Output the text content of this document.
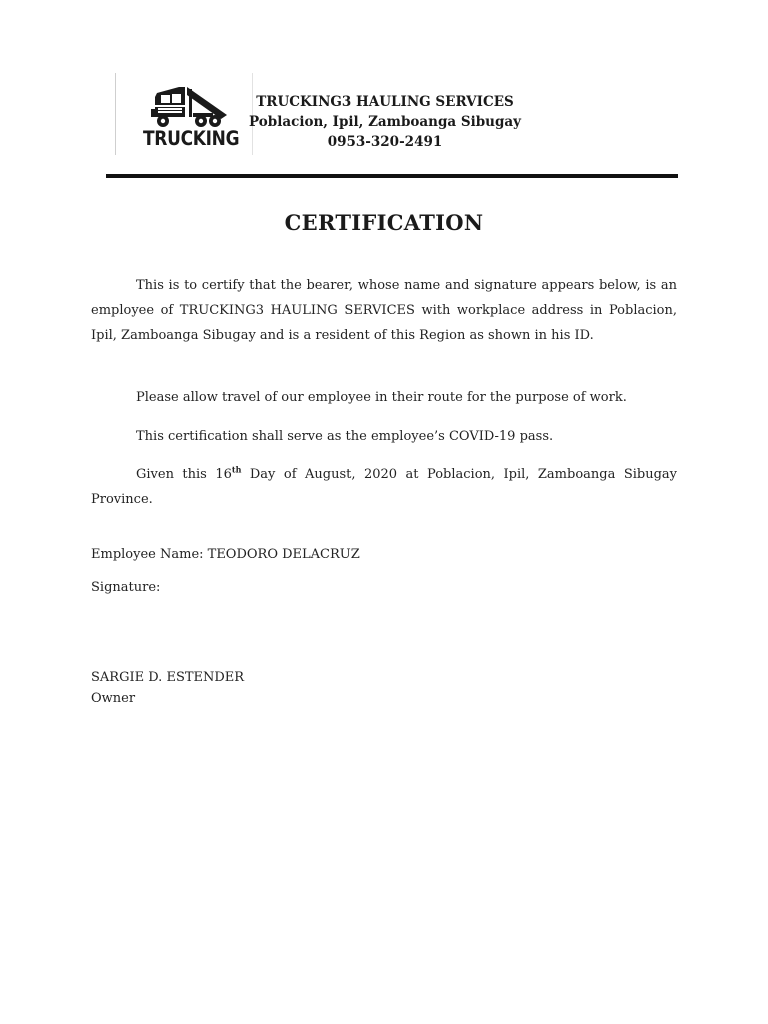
TRUCKING
TRUCKING3 HAULING SERVICES
Poblacion, Ipil, Zamboanga Sibugay
0953-320-2491
CERTIFICATION
This is to certify that the bearer, whose name and signature appears below, is an employee of TRUCKING3 HAULING SERVICES with workplace address in Poblacion, Ipil, Zamboanga Sibugay and is a resident of this Region as shown in his ID.
Please allow travel of our employee in their route for the purpose of work.
This certification shall serve as the employee’s COVID-19 pass.
Given this 16th Day of August, 2020 at Poblacion, Ipil, Zamboanga Sibugay Province.
Employee Name: TEODORO DELACRUZ
Signature:
SARGIE D. ESTENDER
Owner
